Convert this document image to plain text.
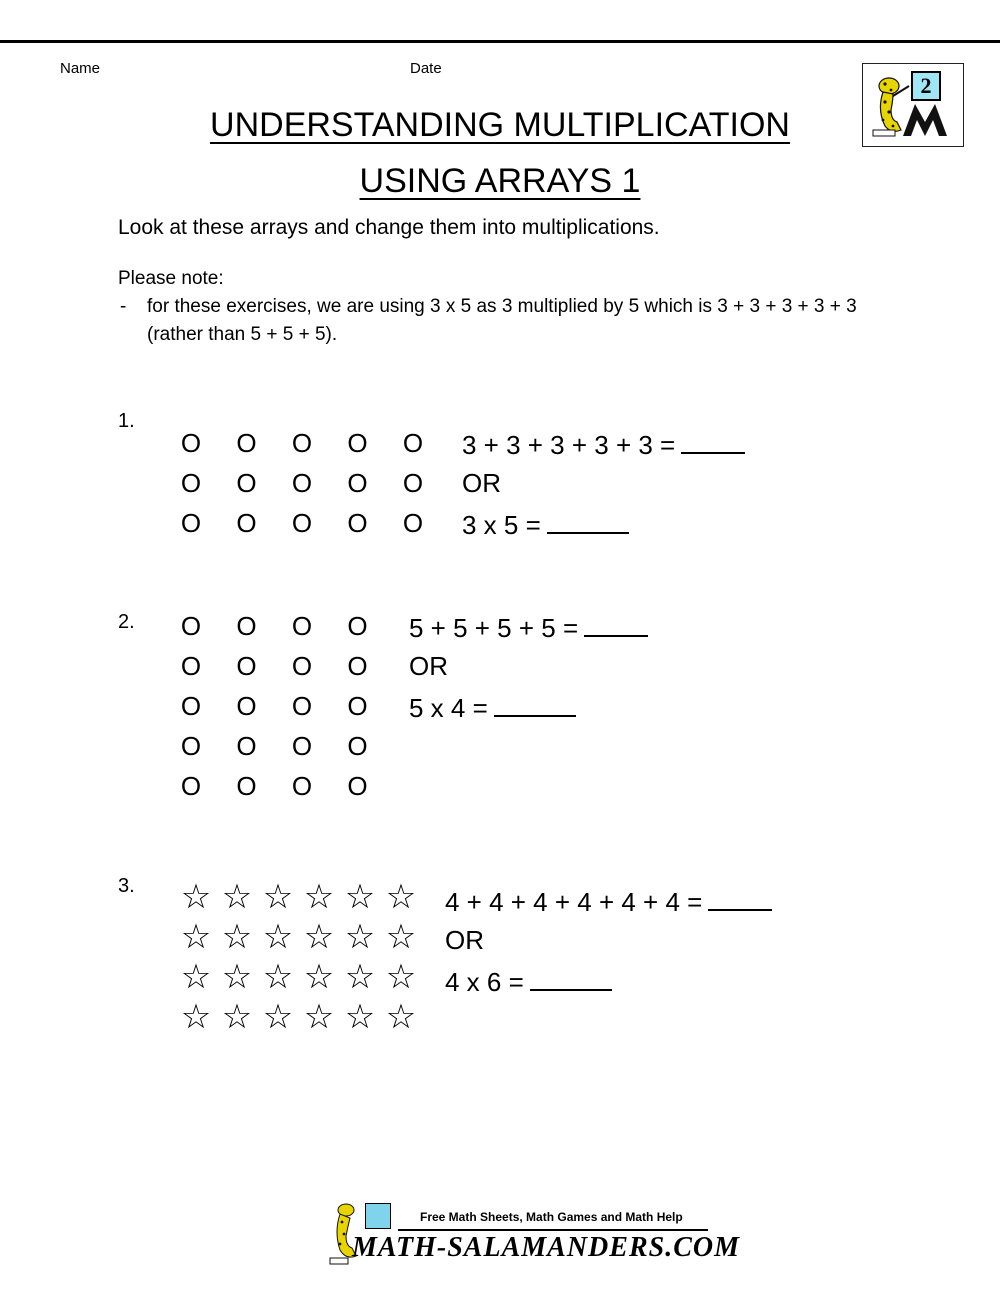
Name	Date
2
UNDERSTANDING MULTIPLICATION
USING ARRAYS 1
Look at these arrays and change them into multiplications.
Please note:
- for these exercises, we are using 3 x 5 as 3 multiplied by 5 which is 3 + 3 + 3 + 3 + 3
(rather than 5 + 5 + 5).
1.
O	O	O	O	O
O	O	O	O	O
O	O	O	O	O
3 + 3 + 3 + 3 + 3 =
OR
3 x 5 =
2.	O	O	O	O
O	O	O	O
O	O	O	O
O	O	O	O
O	O	O	O
5 + 5 + 5 + 5 =
OR
5 x 4 =
3. ☆ ☆ ☆ ☆ ☆ ☆
☆ ☆ ☆ ☆ ☆ ☆
☆ ☆ ☆ ☆ ☆ ☆
☆ ☆ ☆ ☆ ☆ ☆
4 + 4 + 4 + 4 + 4 + 4 =
OR
4 x 6 =
Free Math Sheets, Math Games and Math Help
MATH-SALAMANDERS.COM
